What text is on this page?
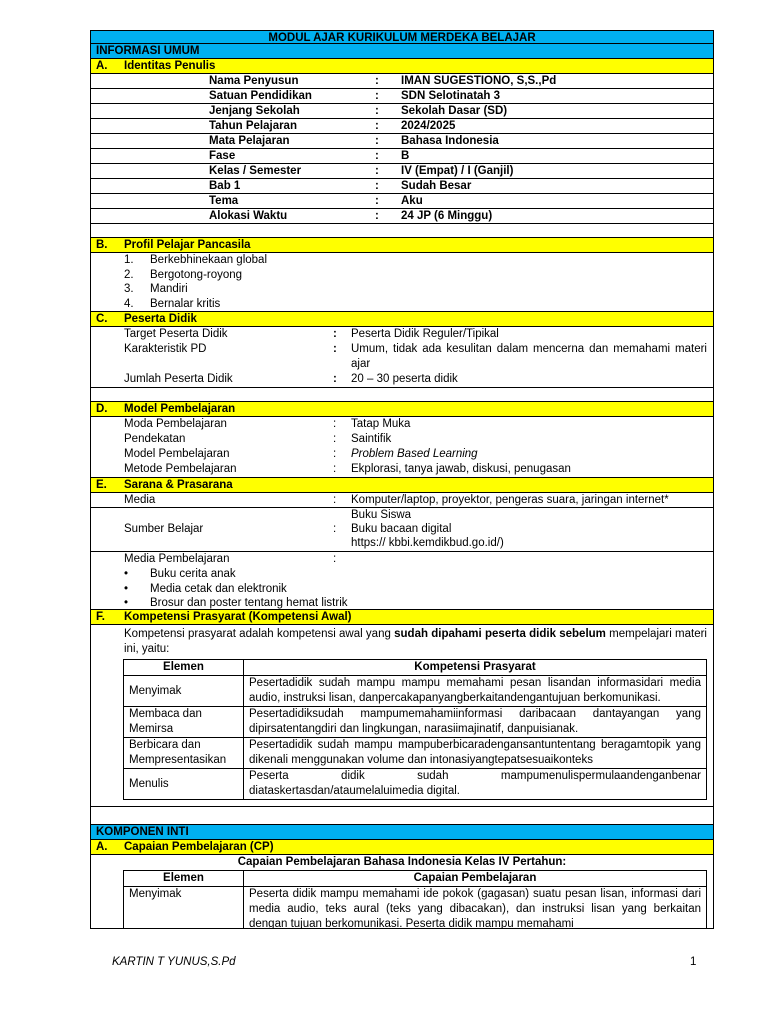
MODUL AJAR KURIKULUM MERDEKA BELAJAR
INFORMASI UMUM
A. Identitas Penulis
Nama Penyusun	: IMAN SUGESTIONO, S,S.,Pd
Satuan Pendidikan	: SDN Selotinatah 3
Jenjang Sekolah	: Sekolah Dasar (SD)
Tahun Pelajaran	: 2024/2025
Mata Pelajaran	: Bahasa Indonesia
Fase	: B
Kelas / Semester	: IV (Empat) / I (Ganjil)
Bab 1	: Sudah Besar
Tema	: Aku
Alokasi Waktu	: 24 JP (6 Minggu)
B. Profil Pelajar Pancasila
1. Berkebhinekaan global
2. Bergotong-royong
3. Mandiri
4. Bernalar kritis
C. Peserta Didik
Target Peserta Didik	: Peserta Didik Reguler/Tipikal
Karakteristik PD	: Umum, tidak ada kesulitan dalam mencerna dan memahami materi ajar
Jumlah Peserta Didik	: 20 – 30 peserta didik
D. Model Pembelajaran
Moda Pembelajaran	: Tatap Muka
Pendekatan	: Saintifik
Model Pembelajaran	: Problem Based Learning
Metode Pembelajaran	: Ekplorasi, tanya jawab, diskusi, penugasan
E. Sarana & Prasarana
Media	: Komputer/laptop, proyektor, pengeras suara, jaringan internet*
Sumber Belajar	:
Buku Siswa
Buku bacaan digital
https:// kbbi.kemdikbud.go.id/)
Media Pembelajaran	:
• Buku cerita anak
• Media cetak dan elektronik
• Brosur dan poster tentang hemat listrik
F. Kompetensi Prasyarat (Kompetensi Awal)
Kompetensi prasyarat adalah kompetensi awal yang sudah dipahami peserta didik sebelum mempelajari materi ini, yaitu:
Elemen	Kompetensi Prasyarat
Menyimak	Pesertadidik sudah mampu mampu memahami pesan lisandan informasidari media audio, instruksi lisan, danpercakapanyangberkaitandengantujuan berkomunikasi.
Membaca dan Memirsa	Pesertadidiksudah mampumemahamiinformasi daribacaan dantayangan yang dipirsatentangdiri dan lingkungan, narasiimajinatif, danpuisianak.
Berbicara dan Mempresentasikan	Pesertadidik sudah mampu mampuberbicaradengansantuntentang beragamtopik yang dikenali menggunakan volume dan intonasiyangtepatsesuaikonteks
Menulis	Peserta didik sudah mampumenulispermulaandenganbenar diataskertasdan/ataumelaluimedia digital.
KOMPONEN INTI
A. Capaian Pembelajaran (CP)
Capaian Pembelajaran Bahasa Indonesia Kelas IV Pertahun:
Elemen	Capaian Pembelajaran
Menyimak	Peserta didik mampu memahami ide pokok (gagasan) suatu pesan lisan, informasi dari media audio, teks aural (teks yang dibacakan), dan instruksi lisan yang berkaitan dengan tujuan berkomunikasi. Peserta didik mampu memahami
KARTIN T YUNUS,S.Pd	1
